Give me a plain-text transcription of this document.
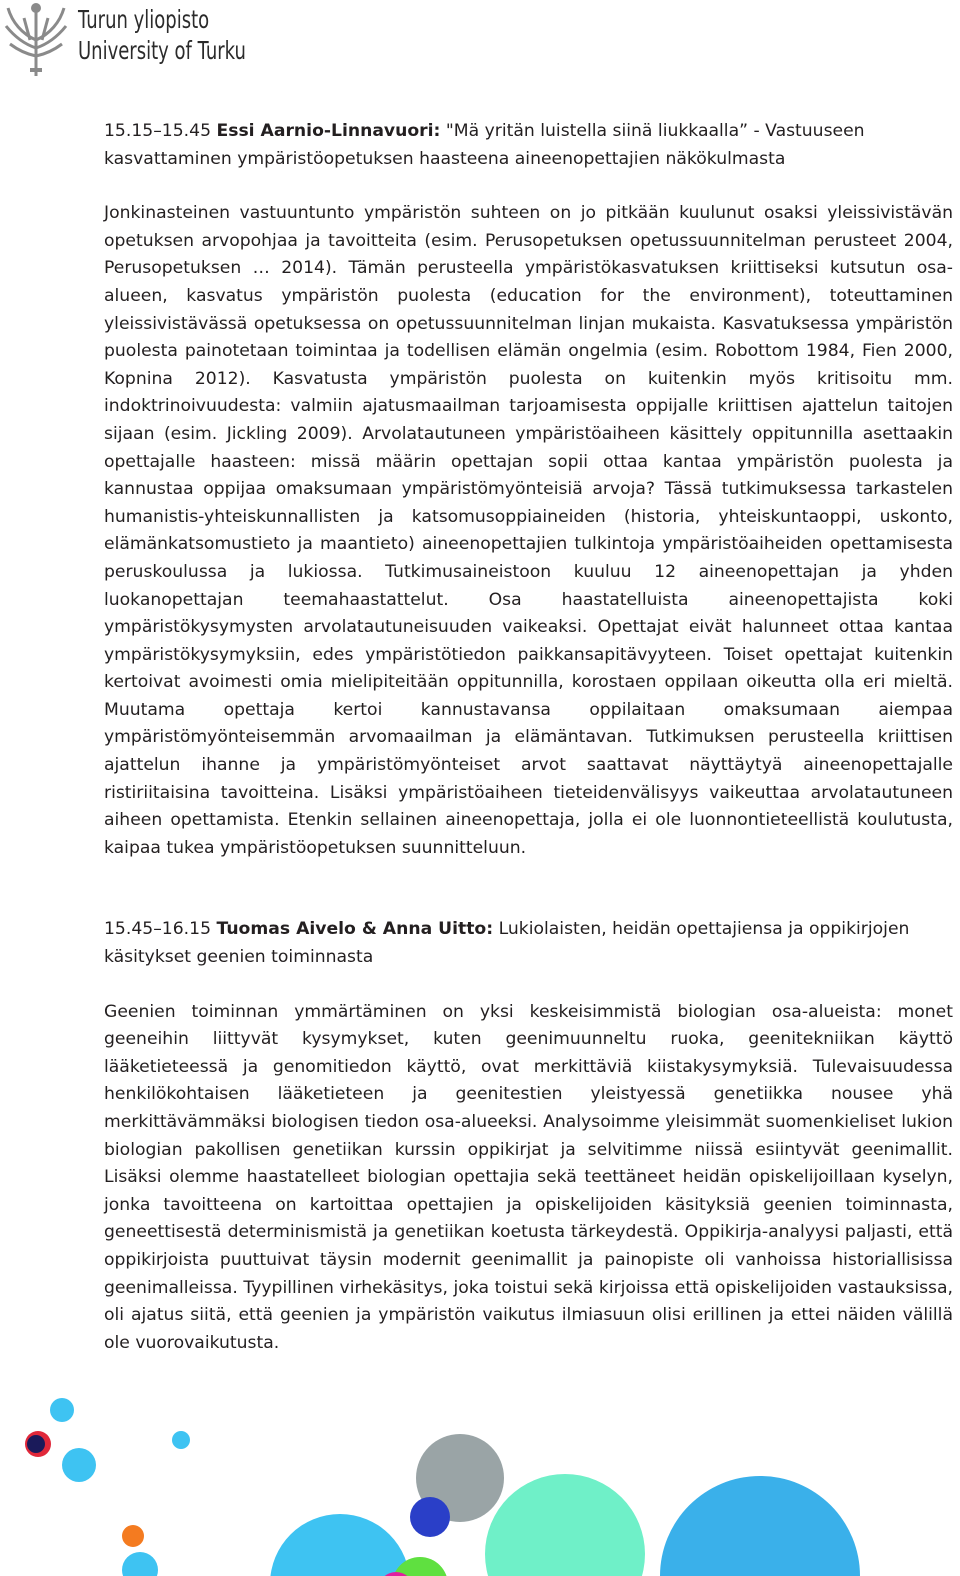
Turun yliopisto
University of Turku

15.15–15.45 Essi Aarnio-Linnavuori: "Mä yritän luistella siinä liukkaalla” - Vastuuseen kasvattaminen ympäristöopetuksen haasteena aineenopettajien näkökulmasta

Jonkinasteinen vastuuntunto ympäristön suhteen on jo pitkään kuulunut osaksi yleissivistävän opetuksen arvopohjaa ja tavoitteita (esim. Perusopetuksen opetussuunnitelman perusteet 2004, Perusopetuksen … 2014). Tämän perusteella ympäristökasvatuksen kriittiseksi kutsutun osa-alueen, kasvatus ympäristön puolesta (education for the environment), toteuttaminen yleissivistävässä opetuksessa on opetussuunnitelman linjan mukaista. Kasvatuksessa ympäristön puolesta painotetaan toimintaa ja todellisen elämän ongelmia (esim. Robottom 1984, Fien 2000, Kopnina 2012). Kasvatusta ympäristön puolesta on kuitenkin myös kritisoitu mm. indoktrinoivuudesta: valmiin ajatusmaailman tarjoamisesta oppijalle kriittisen ajattelun taitojen sijaan (esim. Jickling 2009). Arvolatautuneen ympäristöaiheen käsittely oppitunnilla asettaakin opettajalle haasteen: missä määrin opettajan sopii ottaa kantaa ympäristön puolesta ja kannustaa oppijaa omaksumaan ympäristömyönteisiä arvoja? Tässä tutkimuksessa tarkastelen humanistis-yhteiskunnallisten ja katsomusoppiaineiden (historia, yhteiskuntaoppi, uskonto, elämänkatsomustieto ja maantieto) aineenopettajien tulkintoja ympäristöaiheiden opettamisesta peruskoulussa ja lukiossa. Tutkimusaineistoon kuuluu 12 aineenopettajan ja yhden luokanopettajan teemahaastattelut. Osa haastatelluista aineenopettajista koki ympäristökysymysten arvolatautuneisuuden vaikeaksi. Opettajat eivät halunneet ottaa kantaa ympäristökysymyksiin, edes ympäristötiedon paikkansapitävyyteen. Toiset opettajat kuitenkin kertoivat avoimesti omia mielipiteitään oppitunnilla, korostaen oppilaan oikeutta olla eri mieltä. Muutama opettaja kertoi kannustavansa oppilaitaan omaksumaan aiempaa ympäristömyönteisemmän arvomaailman ja elämäntavan. Tutkimuksen perusteella kriittisen ajattelun ihanne ja ympäristömyönteiset arvot saattavat näyttäytyä aineenopettajalle ristiriitaisina tavoitteina. Lisäksi ympäristöaiheen tieteidenvälisyys vaikeuttaa arvolatautuneen aiheen opettamista. Etenkin sellainen aineenopettaja, jolla ei ole luonnontieteellistä koulutusta, kaipaa tukea ympäristöopetuksen suunnitteluun.

15.45–16.15 Tuomas Aivelo & Anna Uitto: Lukiolaisten, heidän opettajiensa ja oppikirjojen käsitykset geenien toiminnasta

Geenien toiminnan ymmärtäminen on yksi keskeisimmistä biologian osa-alueista: monet geeneihin liittyvät kysymykset, kuten geenimuunneltu ruoka, geenitekniikan käyttö lääketieteessä ja genomitiedon käyttö, ovat merkittäviä kiistakysymyksiä. Tulevaisuudessa henkilökohtaisen lääketieteen ja geenitestien yleistyessä genetiikka nousee yhä merkittävämmäksi biologisen tiedon osa-alueeksi. Analysoimme yleisimmät suomenkieliset lukion biologian pakollisen genetiikan kurssin oppikirjat ja selvitimme niissä esiintyvät geenimallit. Lisäksi olemme haastatelleet biologian opettajia sekä teettäneet heidän opiskelijoillaan kyselyn, jonka tavoitteena on kartoittaa opettajien ja opiskelijoiden käsityksiä geenien toiminnasta, geneettisestä determinismistä ja genetiikan koetusta tärkeydestä. Oppikirja-analyysi paljasti, että oppikirjoista puuttuivat täysin modernit geenimallit ja painopiste oli vanhoissa historiallisissa geenimalleissa. Tyypillinen virhekäsitys, joka toistui sekä kirjoissa että opiskelijoiden vastauksissa, oli ajatus siitä, että geenien ja ympäristön vaikutus ilmiasuun olisi erillinen ja ettei näiden välillä ole vuorovaikutusta.
